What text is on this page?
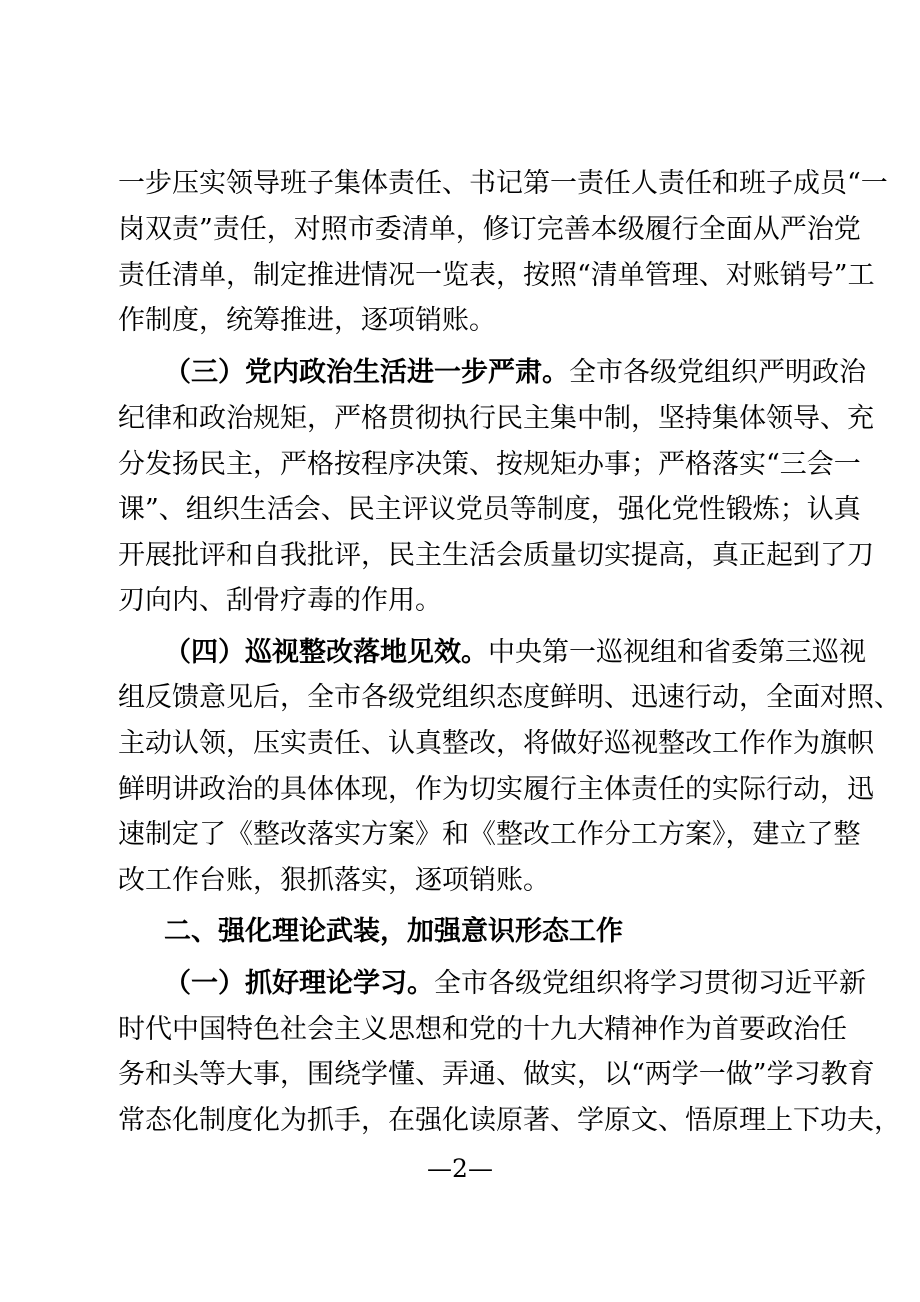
一步压实领导班子集体责任、书记第一责任人责任和班子成员“一
岗双责”责任，对照市委清单，修订完善本级履行全面从严治党
责任清单，制定推进情况一览表，按照“清单管理、对账销号”工
作制度，统筹推进，逐项销账。
（三）党内政治生活进一步严肃。全市各级党组织严明政治
纪律和政治规矩，严格贯彻执行民主集中制，坚持集体领导、充
分发扬民主，严格按程序决策、按规矩办事；严格落实“三会一
课”、组织生活会、民主评议党员等制度，强化党性锻炼；认真
开展批评和自我批评，民主生活会质量切实提高，真正起到了刀
刃向内、刮骨疗毒的作用。
（四）巡视整改落地见效。中央第一巡视组和省委第三巡视
组反馈意见后，全市各级党组织态度鲜明、迅速行动，全面对照、
主动认领，压实责任、认真整改，将做好巡视整改工作作为旗帜
鲜明讲政治的具体体现，作为切实履行主体责任的实际行动，迅
速制定了《整改落实方案》和《整改工作分工方案》，建立了整
改工作台账，狠抓落实，逐项销账。
二、强化理论武装，加强意识形态工作
（一）抓好理论学习。全市各级党组织将学习贯彻习近平新
时代中国特色社会主义思想和党的十九大精神作为首要政治任
务和头等大事，围绕学懂、弄通、做实，以“两学一做”学习教育
常态化制度化为抓手，在强化读原著、学原文、悟原理上下功夫，
—2—
